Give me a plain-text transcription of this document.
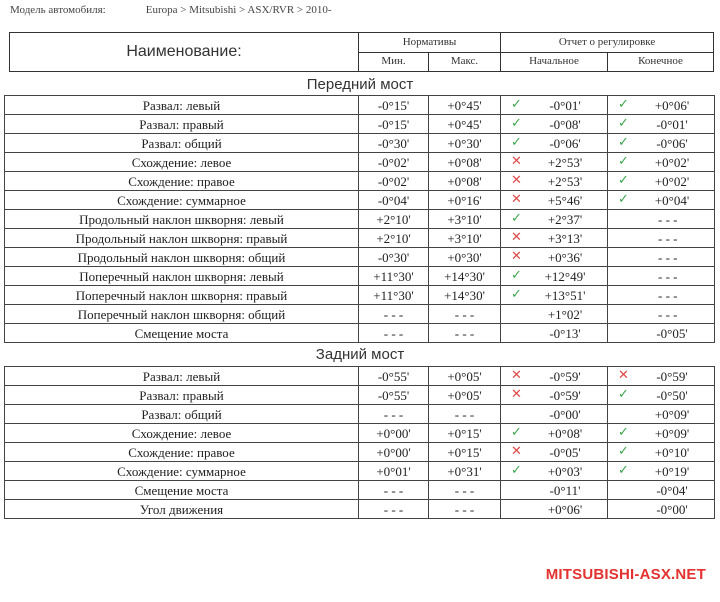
Модель автомобиля:	Europa > Mitsubishi > ASX/RVR > 2010-
Наименование:	Нормативы		Отчет о регулировке	
	Мин.	Макс.	Начальное	Конечное
Передний мост
Развал: левый	-0°15'	+0°45'	✓ -0°01'	✓ +0°06'
Развал: правый	-0°15'	+0°45'	✓ -0°08'	✓ -0°01'
Развал: общий	-0°30'	+0°30'	✓ -0°06'	✓ -0°06'
Схождение: левое	-0°02'	+0°08'	✕ +2°53'	✓ +0°02'
Схождение: правое	-0°02'	+0°08'	✕ +2°53'	✓ +0°02'
Схождение: суммарное	-0°04'	+0°16'	✕ +5°46'	✓ +0°04'
Продольный наклон шкворня: левый	+2°10'	+3°10'	✓ +2°37'	- - -
Продольный наклон шкворня: правый	+2°10'	+3°10'	✕ +3°13'	- - -
Продольный наклон шкворня: общий	-0°30'	+0°30'	✕ +0°36'	- - -
Поперечный наклон шкворня: левый	+11°30'	+14°30'	✓ +12°49'	- - -
Поперечный наклон шкворня: правый	+11°30'	+14°30'	✓ +13°51'	- - -
Поперечный наклон шкворня: общий	- - -	- - -	+1°02'	- - -
Смещение моста	- - -	- - -	-0°13'	-0°05'
Задний мост
Развал: левый	-0°55'	+0°05'	✕ -0°59'	✕ -0°59'
Развал: правый	-0°55'	+0°05'	✕ -0°59'	✓ -0°50'
Развал: общий	- - -	- - -	-0°00'	+0°09'
Схождение: левое	+0°00'	+0°15'	✓ +0°08'	✓ +0°09'
Схождение: правое	+0°00'	+0°15'	✕ -0°05'	✓ +0°10'
Схождение: суммарное	+0°01'	+0°31'	✓ +0°03'	✓ +0°19'
Смещение моста	- - -	- - -	-0°11'	-0°04'
Угол движения	- - -	- - -	+0°06'	-0°00'
MITSUBISHI-ASX.NET
